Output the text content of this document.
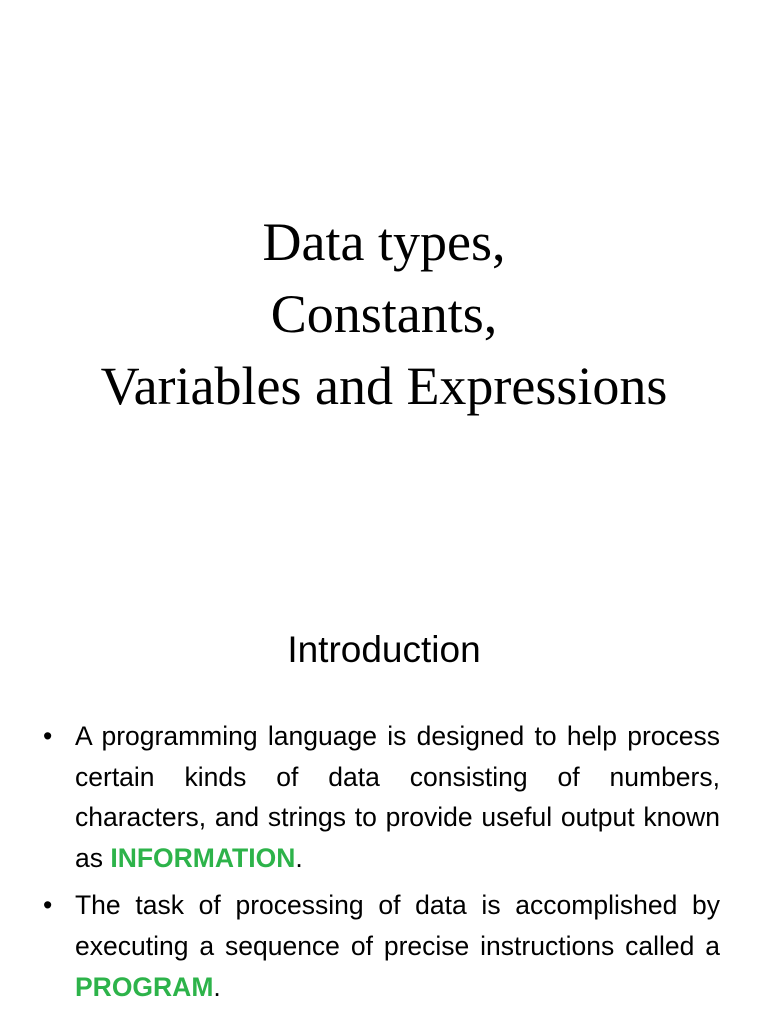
Data types,
Constants,
Variables and Expressions
Introduction
• A programming language is designed to help process certain kinds of data consisting of numbers, characters, and strings to provide useful output known as INFORMATION.
• The task of processing of data is accomplished by executing a sequence of precise instructions called a PROGRAM.
